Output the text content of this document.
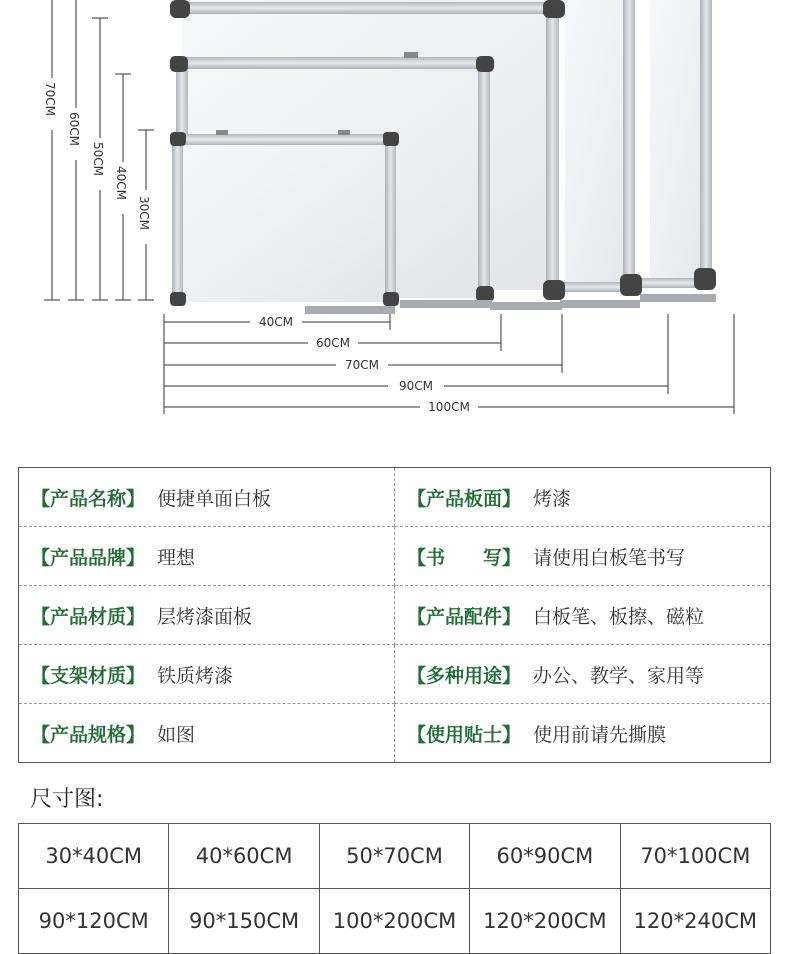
70CM
60CM
50CM
40CM
30CM
40CM
60CM
70CM
90CM
100CM
【产品名称】 便捷单面白板	【产品板面】 烤漆
【产品品牌】 理想	【书　　写】 请使用白板笔书写
【产品材质】 层烤漆面板	【产品配件】 白板笔、板擦、磁粒
【支架材质】 铁质烤漆	【多种用途】 办公、教学、家用等
【产品规格】 如图	【使用贴士】 使用前请先撕膜
尺寸图:
30*40CM	40*60CM	50*70CM	60*90CM	70*100CM
90*120CM	90*150CM	100*200CM	120*200CM	120*240CM
